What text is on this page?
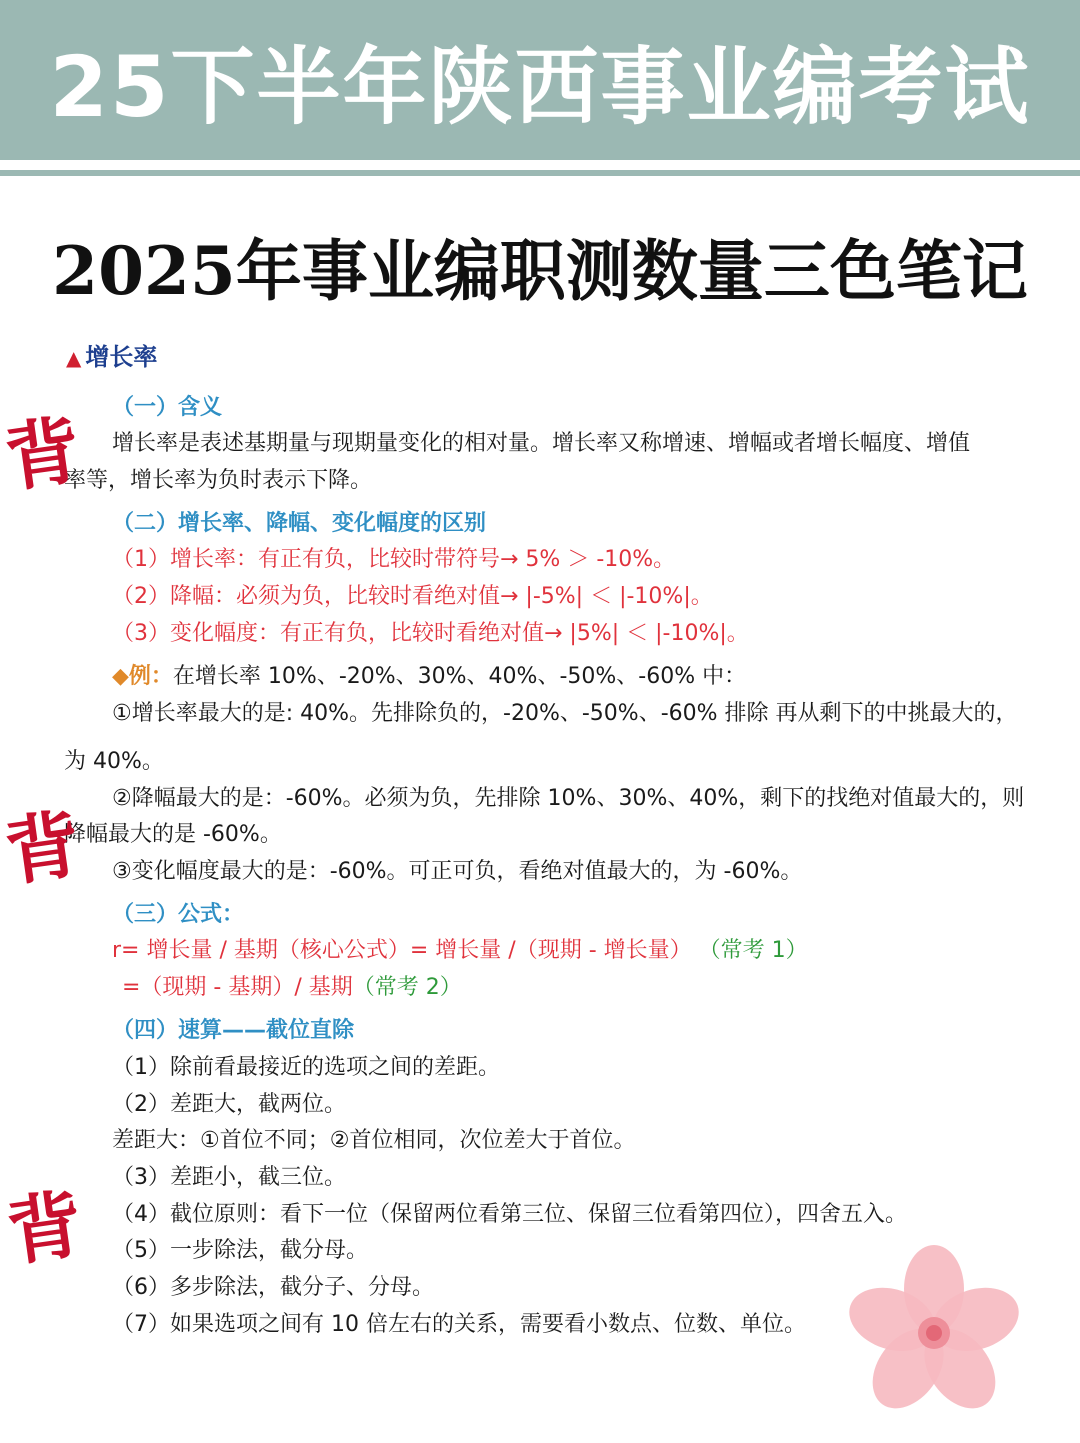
25下半年陕西事业编考试
2025年事业编职测数量三色笔记
▲ 增长率
（一）含义
增长率是表述基期量与现期量变化的相对量。增长率又称增速、增幅或者增长幅度、增值
率等，增长率为负时表示下降。
（二）增长率、降幅、变化幅度的区别
（1）增长率：有正有负，比较时带符号→ 5% ＞ -10%。
（2）降幅：必须为负，比较时看绝对值→ |-5%| ＜ |-10%|。
（3）变化幅度：有正有负，比较时看绝对值→ |5%| ＜ |-10%|。
◆例：在增长率 10%、-20%、30%、40%、-50%、-60% 中：
①增长率最大的是: 40%。先排除负的，-20%、-50%、-60% 排除 再从剩下的中挑最大的，
为 40%。
②降幅最大的是：-60%。必须为负，先排除 10%、30%、40%，剩下的找绝对值最大的，则
降幅最大的是 -60%。
③变化幅度最大的是：-60%。可正可负，看绝对值最大的，为 -60%。
（三）公式：
r= 增长量 / 基期（核心公式）= 增长量 /（现期 - 增长量） （常考 1）
=（现期 - 基期）/ 基期（常考 2）
（四）速算——截位直除
（1）除前看最接近的选项之间的差距。
（2）差距大，截两位。
差距大：①首位不同；②首位相同，次位差大于首位。
（3）差距小，截三位。
（4）截位原则：看下一位（保留两位看第三位、保留三位看第四位），四舍五入。
（5）一步除法，截分母。
（6）多步除法，截分子、分母。
（7）如果选项之间有 10 倍左右的关系，需要看小数点、位数、单位。
背
背
背
